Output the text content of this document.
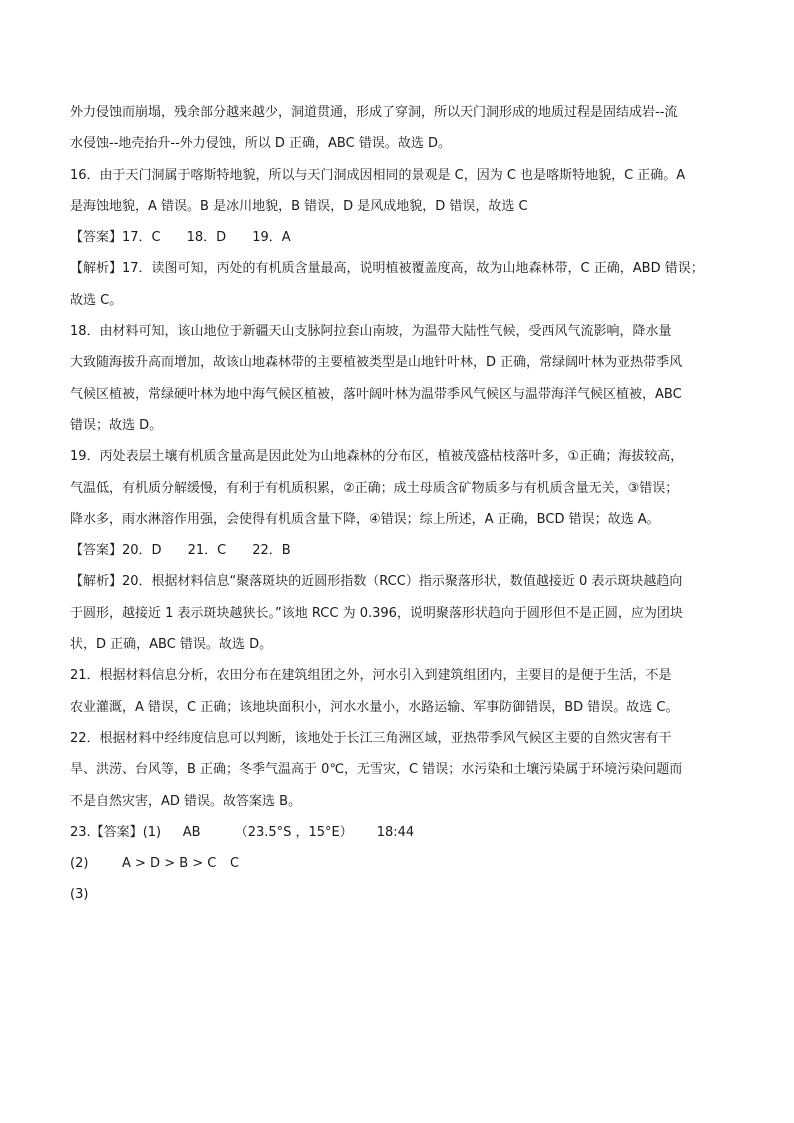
外力侵蚀而崩塌，残余部分越来越少，洞道贯通，形成了穿洞，所以天门洞形成的地质过程是固结成岩--流

水侵蚀--地壳抬升--外力侵蚀，所以 D 正确，ABC 错误。故选 D。

16．由于天门洞属于喀斯特地貌，所以与天门洞成因相同的景观是 C，因为 C 也是喀斯特地貌，C 正确。A

是海蚀地貌，A 错误。B 是冰川地貌，B 错误，D 是风成地貌，D 错误，故选 C

【答案】17．C 18．D 19．A

【解析】17．读图可知，丙处的有机质含量最高，说明植被覆盖度高，故为山地森林带，C 正确，ABD 错误；

故选 C。

18．由材料可知，该山地位于新疆天山支脉阿拉套山南坡，为温带大陆性气候，受西风气流影响，降水量

大致随海拔升高而增加，故该山地森林带的主要植被类型是山地针叶林，D 正确，常绿阔叶林为亚热带季风

气候区植被，常绿硬叶林为地中海气候区植被，落叶阔叶林为温带季风气候区与温带海洋气候区植被，ABC

错误；故选 D。

19．丙处表层土壤有机质含量高是因此处为山地森林的分布区，植被茂盛枯枝落叶多，①正确；海拔较高，

气温低，有机质分解缓慢，有利于有机质积累，②正确；成土母质含矿物质多与有机质含量无关，③错误；

降水多，雨水淋溶作用强，会使得有机质含量下降，④错误；综上所述，A 正确，BCD 错误；故选 A。

【答案】20．D 21．C 22．B

【解析】20．根据材料信息“聚落斑块的近圆形指数（RCC）指示聚落形状，数值越接近 0 表示斑块越趋向

于圆形，越接近 1 表示斑块越狭长。”该地 RCC 为 0.396，说明聚落形状趋向于圆形但不是正圆，应为团块

状，D 正确，ABC 错误。故选 D。

21．根据材料信息分析，农田分布在建筑组团之外，河水引入到建筑组团内，主要目的是便于生活，不是

农业灌溉，A 错误，C 正确；该地块面积小，河水水量小，水路运输、军事防御错误，BD 错误。故选 C。

22．根据材料中经纬度信息可以判断，该地处于长江三角洲区域，亚热带季风气候区主要的自然灾害有干

旱、洪涝、台风等，B 正确；冬季气温高于 0℃，无雪灾，C 错误；水污染和土壤污染属于环境污染问题而

不是自然灾害，AD 错误。故答案选 B。

23.【答案】(1) AB	（23.5°S ，15°E） 18:44

(2)	A > D > B > C C

(3)
